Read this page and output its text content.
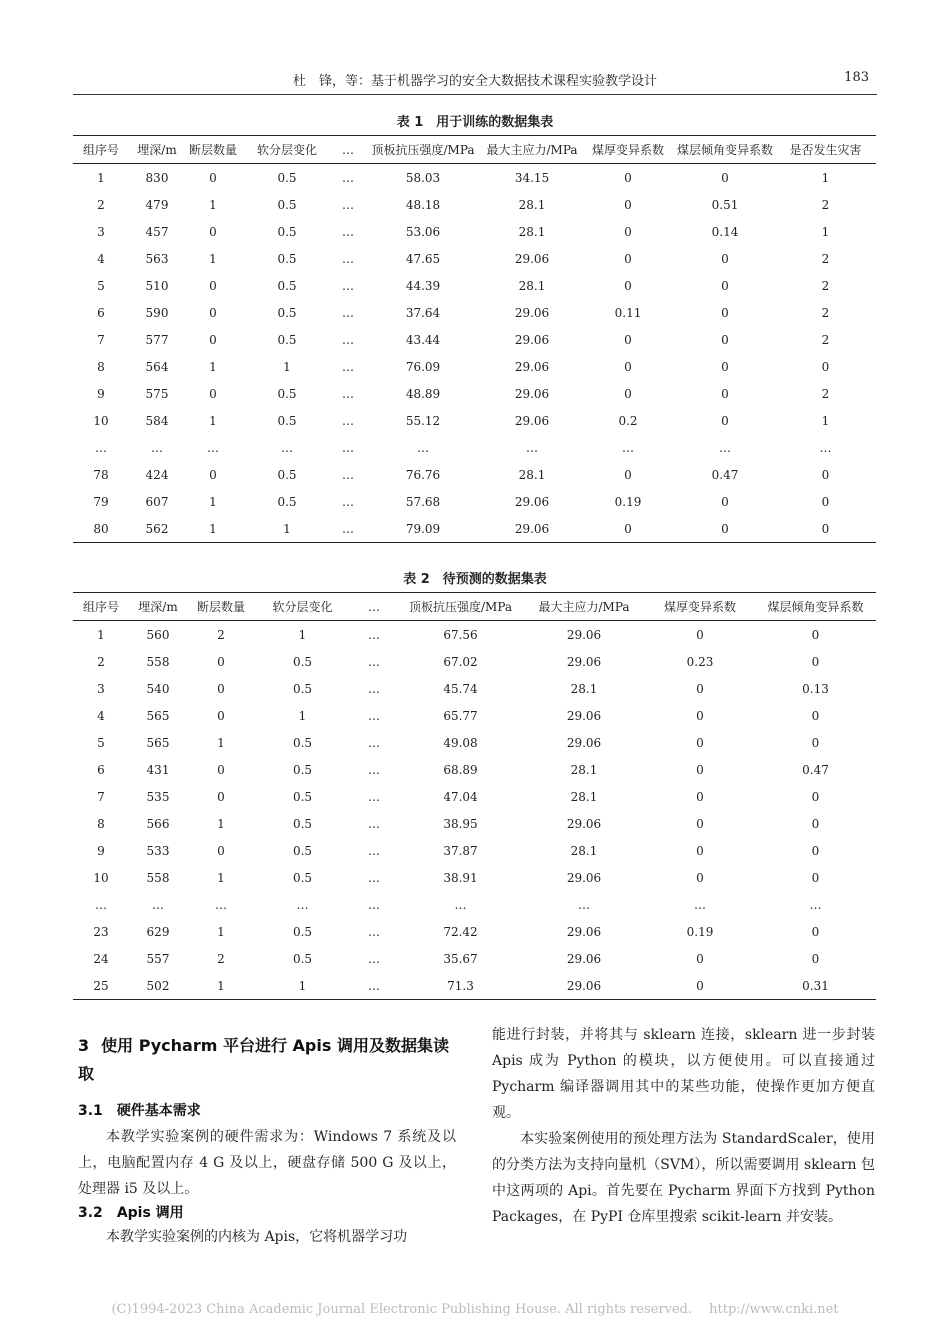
杜　锋，等：基于机器学习的安全大数据技术课程实验教学设计	183
表 1　用于训练的数据集表
组序号	埋深/m	断层数量	软分层变化	…	顶板抗压强度/MPa	最大主应力/MPa	煤厚变异系数	煤层倾角变异系数	是否发生灾害
1	830	0	0.5	…	58.03	34.15	0	0	1
2	479	1	0.5	…	48.18	28.1	0	0.51	2
3	457	0	0.5	…	53.06	28.1	0	0.14	1
4	563	1	0.5	…	47.65	29.06	0	0	2
5	510	0	0.5	…	44.39	28.1	0	0	2
6	590	0	0.5	…	37.64	29.06	0.11	0	2
7	577	0	0.5	…	43.44	29.06	0	0	2
8	564	1	1	…	76.09	29.06	0	0	0
9	575	0	0.5	…	48.89	29.06	0	0	2
10	584	1	0.5	…	55.12	29.06	0.2	0	1
…	…	…	…	…	…	…	…	…	…
78	424	0	0.5	…	76.76	28.1	0	0.47	0
79	607	1	0.5	…	57.68	29.06	0.19	0	0
80	562	1	1	…	79.09	29.06	0	0	0
表 2　待预测的数据集表
组序号	埋深/m	断层数量	软分层变化	…	顶板抗压强度/MPa	最大主应力/MPa	煤厚变异系数	煤层倾角变异系数
1	560	2	1	…	67.56	29.06	0	0
2	558	0	0.5	…	67.02	29.06	0.23	0
3	540	0	0.5	…	45.74	28.1	0	0.13
4	565	0	1	…	65.77	29.06	0	0
5	565	1	0.5	…	49.08	29.06	0	0
6	431	0	0.5	…	68.89	28.1	0	0.47
7	535	0	0.5	…	47.04	28.1	0	0
8	566	1	0.5	…	38.95	29.06	0	0
9	533	0	0.5	…	37.87	28.1	0	0
10	558	1	0.5	…	38.91	29.06	0	0
…	…	…	…	…	…	…	…	…
23	629	1	0.5	…	72.42	29.06	0.19	0
24	557	2	0.5	…	35.67	29.06	0	0
25	502	1	1	…	71.3	29.06	0	0.31
3 使用 Pycharm 平台进行 Apis 调用及数据集读取
3.1 硬件基本需求

本教学实验案例的硬件需求为：Windows 7 系统及以上，电脑配置内存 4 G 及以上，硬盘存储 500 G 及以上，处理器 i5 及以上。

3.2 Apis 调用

本教学实验案例的内核为 Apis，它将机器学习功

能进行封装，并将其与 sklearn 连接，sklearn 进一步封装 Apis 成为 Python 的模块，以方便使用。可以直接通过 Pycharm 编译器调用其中的某些功能，使操作更加方便直观。

本实验案例使用的预处理方法为 StandardScaler，使用的分类方法为支持向量机（SVM），所以需要调用 sklearn 包中这两项的 Api。首先要在 Pycharm 界面下方找到 Python Packages，在 PyPI 仓库里搜索 scikit-learn 并安装。

(C)1994-2023 China Academic Journal Electronic Publishing House. All rights reserved.　 http://www.cnki.net
